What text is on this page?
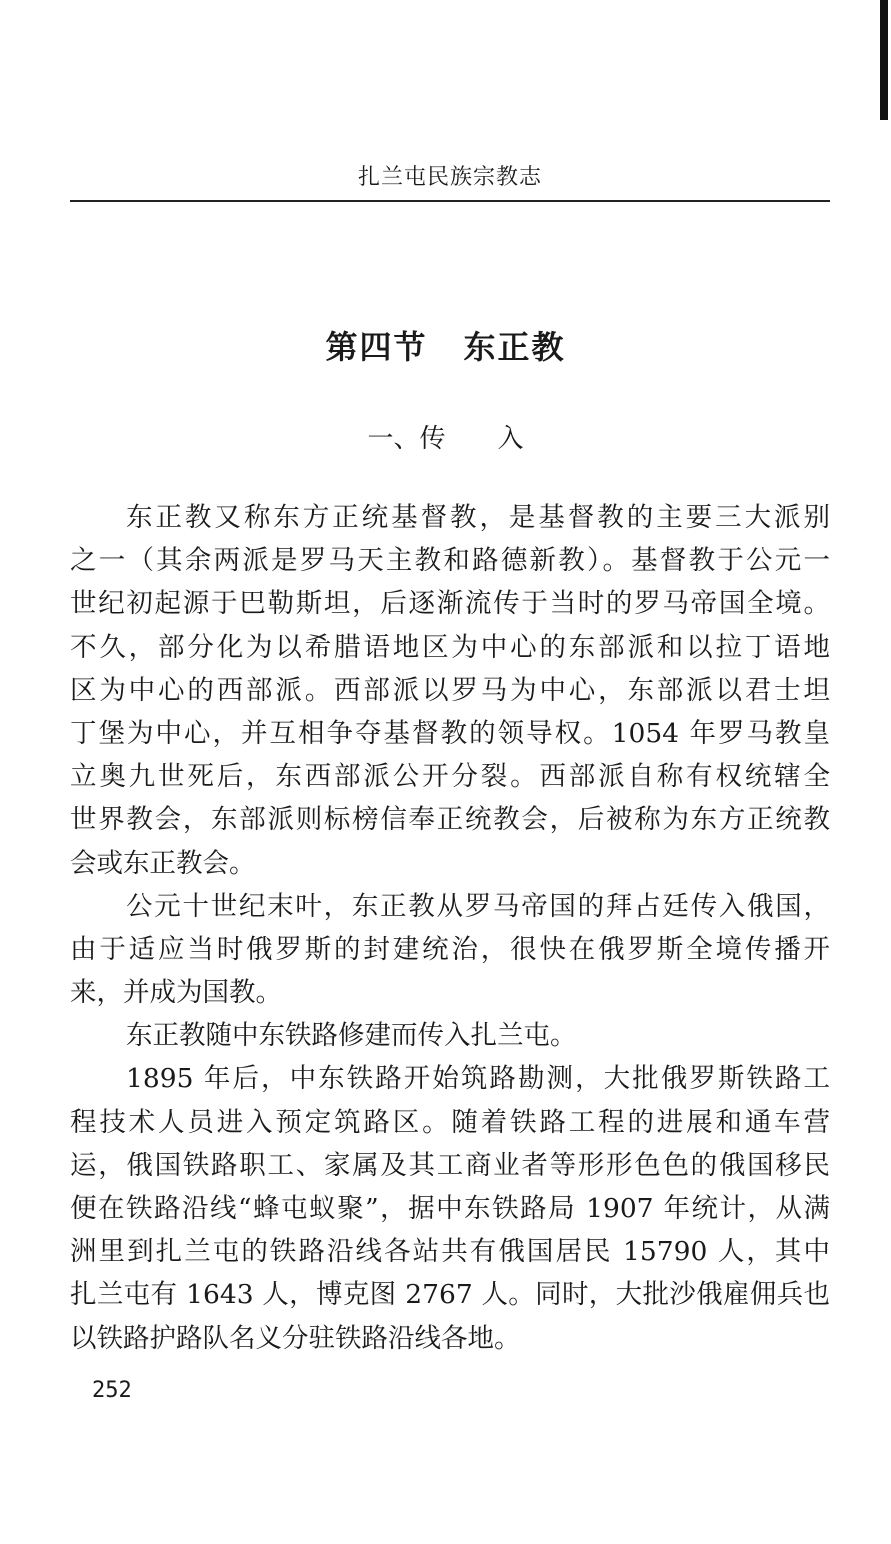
扎兰屯民族宗教志
第四节 东正教
一、传 入
东正教又称东方正统基督教，是基督教的主要三大派别
之一（其余两派是罗马天主教和路德新教）。基督教于公元一
世纪初起源于巴勒斯坦，后逐渐流传于当时的罗马帝国全境。
不久，部分化为以希腊语地区为中心的东部派和以拉丁语地
区为中心的西部派。西部派以罗马为中心，东部派以君士坦
丁堡为中心，并互相争夺基督教的领导权。1054 年罗马教皇
立奥九世死后，东西部派公开分裂。西部派自称有权统辖全
世界教会，东部派则标榜信奉正统教会，后被称为东方正统教
会或东正教会。
公元十世纪末叶，东正教从罗马帝国的拜占廷传入俄国，
由于适应当时俄罗斯的封建统治，很快在俄罗斯全境传播开
来，并成为国教。
东正教随中东铁路修建而传入扎兰屯。
1895 年后，中东铁路开始筑路勘测，大批俄罗斯铁路工
程技术人员进入预定筑路区。随着铁路工程的进展和通车营
运，俄国铁路职工、家属及其工商业者等形形色色的俄国移民
便在铁路沿线“蜂屯蚁聚”，据中东铁路局 1907 年统计，从满
洲里到扎兰屯的铁路沿线各站共有俄国居民 15790 人，其中
扎兰屯有 1643 人，博克图 2767 人。同时，大批沙俄雇佣兵也
以铁路护路队名义分驻铁路沿线各地。
252
